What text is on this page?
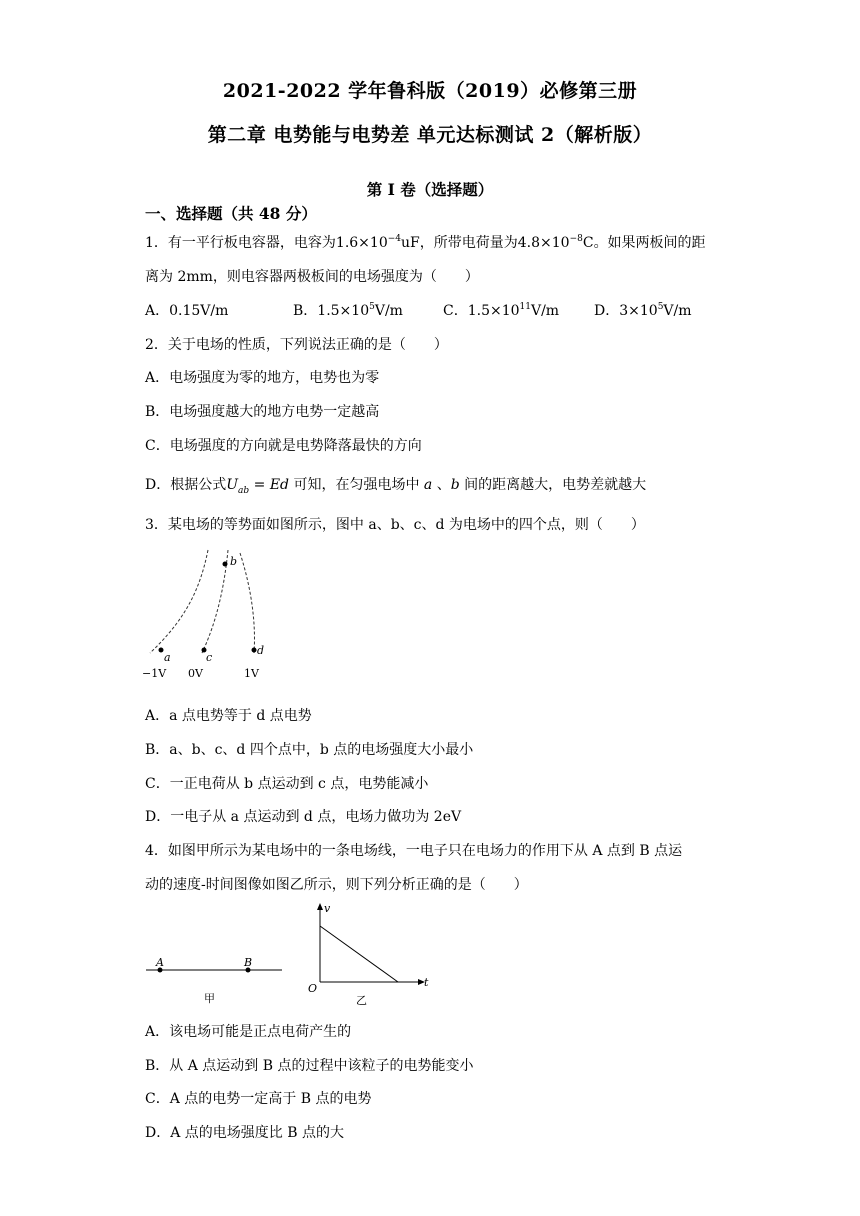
2021-2022 学年鲁科版（2019）必修第三册
第二章 电势能与电势差 单元达标测试 2（解析版）
第 I 卷（选择题）
一、选择题（共 48 分）
1．有一平行板电容器，电容为$1.6\times 10^{-4}uF$，所带电荷量为$4.8\times 10^{-8}C$。如果两板间的距
离为 2mm，则电容器两极板间的电场强度为（　　）
A．0.15V/m	B．$1.5\times 10^5V/m$	C．$1.5\times 10^{11}V/m$ D．$3\times 10^5V/m$
2．关于电场的性质，下列说法正确的是（　　）
A．电场强度为零的地方，电势也为零
B．电场强度越大的地方电势一定越高
C．电场强度的方向就是电势降落最快的方向
D．根据公式$U_{ab} = Ed$ 可知，在匀强电场中 a 、b 间的距离越大，电势差就越大
3．某电场的等势面如图所示，图中 a、b、c、d 为电场中的四个点，则（　　）
b
a	c
d
−1V 0V	1V
A．a 点电势等于 d 点电势
B．a、b、c、d 四个点中，b 点的电场强度大小最小
C．一正电荷从 b 点运动到 c 点，电势能减小
D．一电子从 a 点运动到 d 点，电场力做功为 2eV
4．如图甲所示为某电场中的一条电场线，一电子只在电场力的作用下从 A 点到 B 点运
动的速度-时间图像如图乙所示，则下列分析正确的是（　　）
A	B
甲
v
t
O
乙
A．该电场可能是正点电荷产生的
B．从 A 点运动到 B 点的过程中该粒子的电势能变小
C．A 点的电势一定高于 B 点的电势
D．A 点的电场强度比 B 点的大
